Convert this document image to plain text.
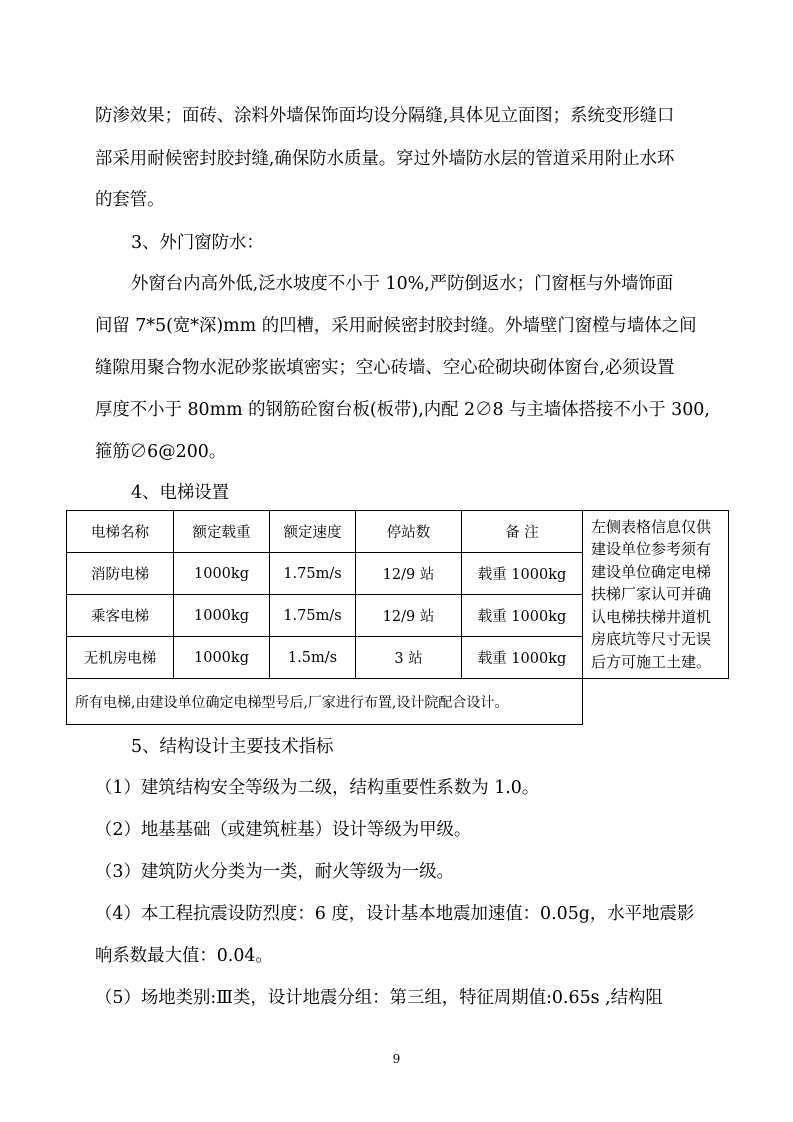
防渗效果；面砖、涂料外墙保饰面均设分隔缝,具体见立面图；系统变形缝口
部采用耐候密封胶封缝,确保防水质量。穿过外墙防水层的管道采用附止水环
的套管。
3、外门窗防水：
外窗台内高外低,泛水坡度不小于 10%,严防倒返水；门窗框与外墙饰面
间留 7*5(宽*深)mm 的凹槽，采用耐候密封胶封缝。外墙壁门窗樘与墙体之间
缝隙用聚合物水泥砂浆嵌填密实；空心砖墙、空心砼砌块砌体窗台,必须设置
厚度不小于 80mm 的钢筋砼窗台板(板带),内配 2∅8 与主墙体搭接不小于 300,
箍筋∅6@200。
4、电梯设置
电梯名称	额定载重	额定速度	停站数	备 注	左侧表格信息仅供建设单位参考须有建设单位确定电梯扶梯厂家认可并确认电梯扶梯井道机房底坑等尺寸无误后方可施工土建。
消防电梯	1000kg	1.75m/s	12/9 站	载重 1000kg	
乘客电梯	1000kg	1.75m/s	12/9 站	载重 1000kg	
无机房电梯	1000kg	1.5m/s	3 站	载重 1000kg	
所有电梯,由建设单位确定电梯型号后,厂家进行布置,设计院配合设计。					
5、结构设计主要技术指标
（1）建筑结构安全等级为二级，结构重要性系数为 1.0。
（2）地基基础（或建筑桩基）设计等级为甲级。
（3）建筑防火分类为一类，耐火等级为一级。
（4）本工程抗震设防烈度：6 度，设计基本地震加速值：0.05g，水平地震影
响系数最大值：0.04。
（5）场地类别:Ⅲ类，设计地震分组：第三组，特征周期值:0.65s ,结构阻
9
